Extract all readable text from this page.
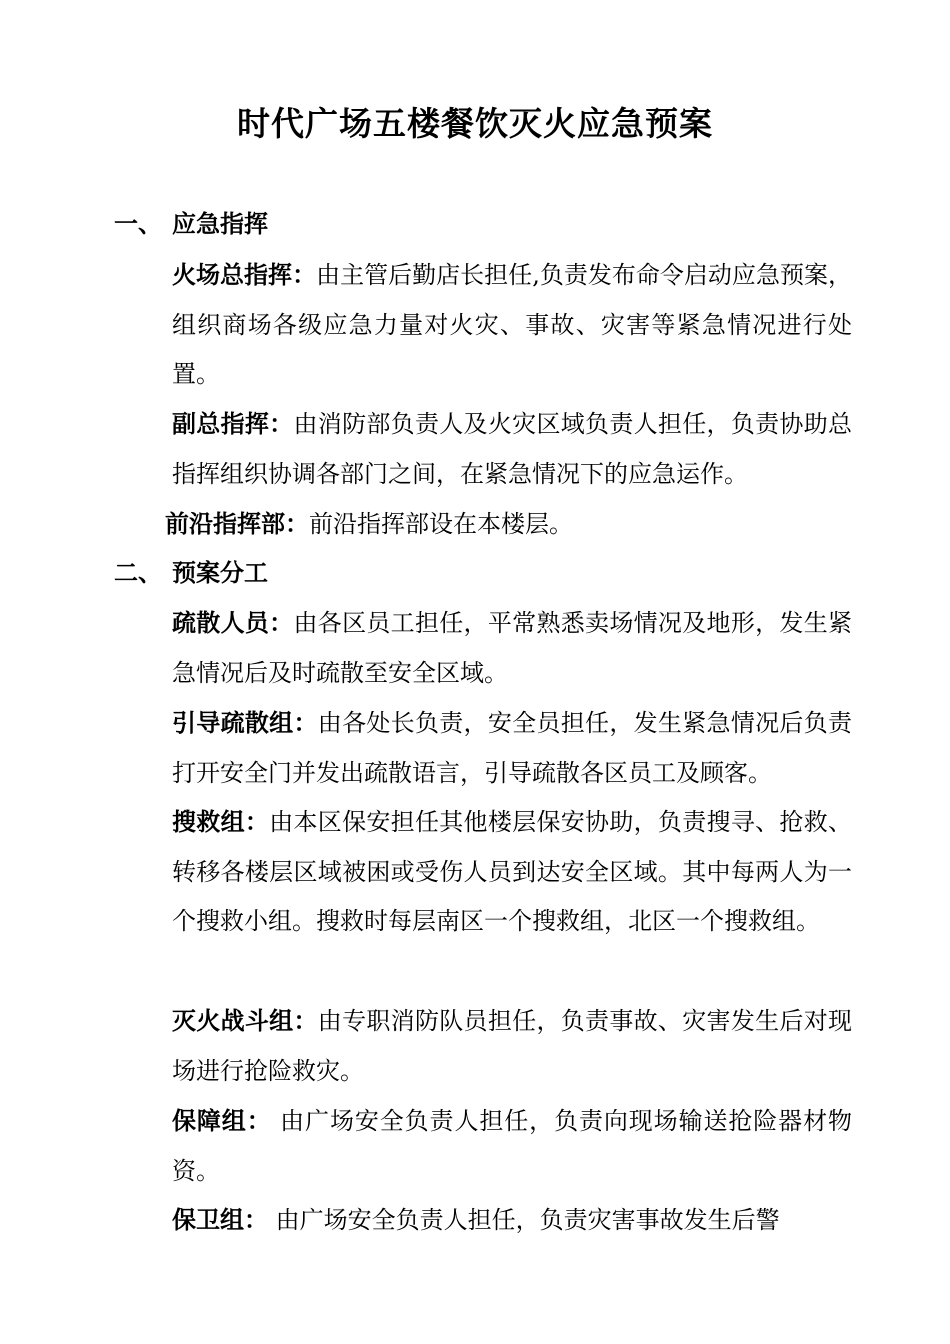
时代广场五楼餐饮灭火应急预案
一、 应急指挥
火场总指挥：由主管后勤店长担任,负责发布命令启动应急预案，组织商场各级应急力量对火灾、事故、灾害等紧急情况进行处置。
副总指挥：由消防部负责人及火灾区域负责人担任，负责协助总指挥组织协调各部门之间，在紧急情况下的应急运作。
前沿指挥部：前沿指挥部设在本楼层。
二、 预案分工
疏散人员：由各区员工担任，平常熟悉卖场情况及地形，发生紧急情况后及时疏散至安全区域。
引导疏散组：由各处长负责，安全员担任，发生紧急情况后负责打开安全门并发出疏散语言，引导疏散各区员工及顾客。
搜救组：由本区保安担任其他楼层保安协助，负责搜寻、抢救、转移各楼层区域被困或受伤人员到达安全区域。其中每两人为一个搜救小组。搜救时每层南区一个搜救组，北区一个搜救组。
灭火战斗组：由专职消防队员担任，负责事故、灾害发生后对现场进行抢险救灾。
保障组： 由广场安全负责人担任，负责向现场输送抢险器材物资。
保卫组： 由广场安全负责人担任，负责灾害事故发生后警
